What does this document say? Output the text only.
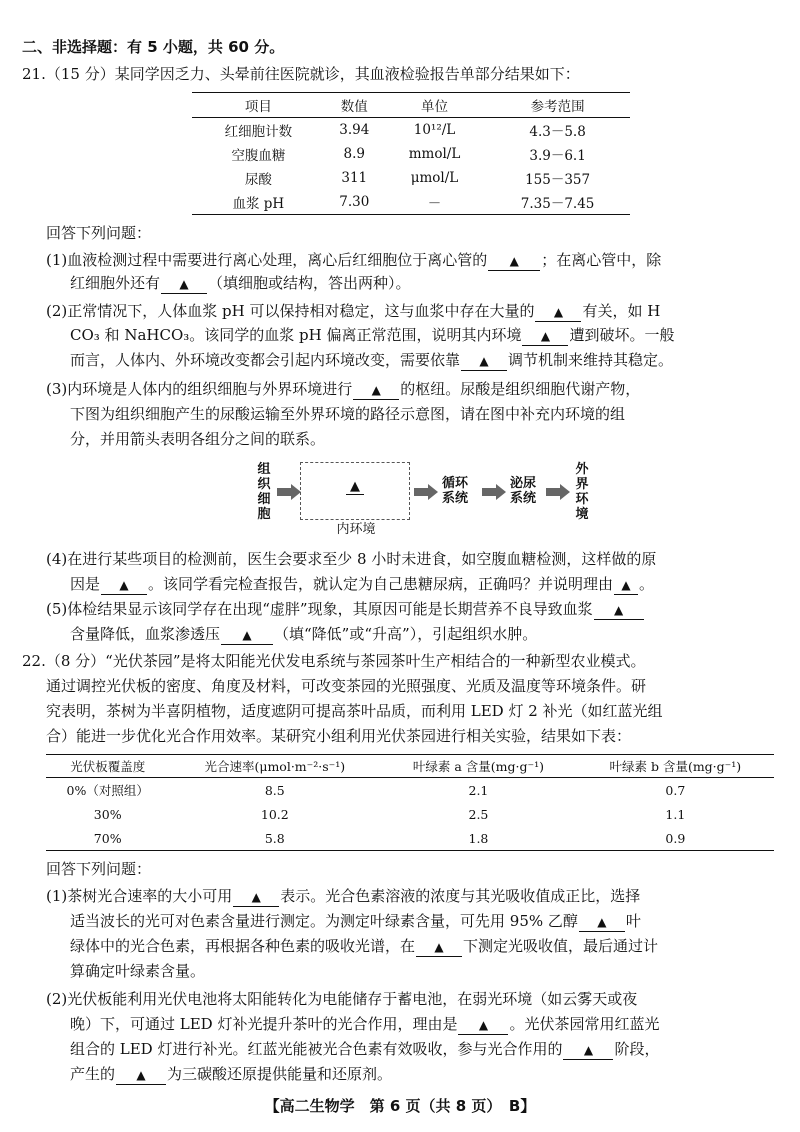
二、非选择题：有 5 小题，共 60 分。
21.（15 分）某同学因乏力、头晕前往医院就诊，其血液检验报告单部分结果如下：
项目	数值	单位	参考范围
红细胞计数	3.94	10¹²/L	4.3－5.8
空腹血糖	8.9	mmol/L	3.9－6.1
尿酸	311	μmol/L	155－357
血浆 pH	7.30	－	7.35－7.45
回答下列问题：
(1)血液检测过程中需要进行离心处理，离心后红细胞位于离心管的 ▲ ；在离心管中，除
红细胞外还有 ▲ （填细胞或结构，答出两种）。
(2)正常情况下，人体血浆 pH 可以保持相对稳定，这与血浆中存在大量的 ▲ 有关，如 H
CO₃ 和 NaHCO₃。该同学的血浆 pH 偏离正常范围，说明其内环境 ▲ 遭到破坏。一般
而言，人体内、外环境改变都会引起内环境改变，需要依靠 ▲ 调节机制来维持其稳定。
(3)内环境是人体内的组织细胞与外界环境进行 ▲ 的枢纽。尿酸是组织细胞代谢产物，
下图为组织细胞产生的尿酸运输至外界环境的路径示意图，请在图中补充内环境的组
分，并用箭头表明各组分之间的联系。
组织细胞
▲
内环境
循环系统
泌尿系统
外界环境
(4)在进行某些项目的检测前，医生会要求至少 8 小时未进食，如空腹血糖检测，这样做的原
因是 ▲ 。该同学看完检查报告，就认定为自己患糖尿病，正确吗？并说明理由 ▲ 。
(5)体检结果显示该同学存在出现“虚胖”现象，其原因可能是长期营养不良导致血浆 ▲
含量降低，血浆渗透压 ▲ （填“降低”或“升高”），引起组织水肿。
22.（8 分）“光伏茶园”是将太阳能光伏发电系统与茶园茶叶生产相结合的一种新型农业模式。
通过调控光伏板的密度、角度及材料，可改变茶园的光照强度、光质及温度等环境条件。研
究表明，茶树为半喜阴植物，适度遮阴可提高茶叶品质，而利用 LED 灯 2 补光（如红蓝光组
合）能进一步优化光合作用效率。某研究小组利用光伏茶园进行相关实验，结果如下表：
光伏板覆盖度	光合速率(μmol·m⁻²·s⁻¹)	叶绿素 a 含量(mg·g⁻¹)	叶绿素 b 含量(mg·g⁻¹)
0%（对照组）	8.5	2.1	0.7
30%	10.2	2.5	1.1
70%	5.8	1.8	0.9
回答下列问题：
(1)茶树光合速率的大小可用 ▲ 表示。光合色素溶液的浓度与其光吸收值成正比，选择
适当波长的光可对色素含量进行测定。为测定叶绿素含量，可先用 95% 乙醇 ▲ 叶
绿体中的光合色素，再根据各种色素的吸收光谱，在 ▲ 下测定光吸收值，最后通过计
算确定叶绿素含量。
(2)光伏板能利用光伏电池将太阳能转化为电能储存于蓄电池，在弱光环境（如云雾天或夜
晚）下，可通过 LED 灯补光提升茶叶的光合作用，理由是 ▲ 。光伏茶园常用红蓝光
组合的 LED 灯进行补光。红蓝光能被光合色素有效吸收，参与光合作用的 ▲ 阶段，
产生的 ▲ 为三碳酸还原提供能量和还原剂。
【高二生物学　第 6 页（共 8 页）　B】
